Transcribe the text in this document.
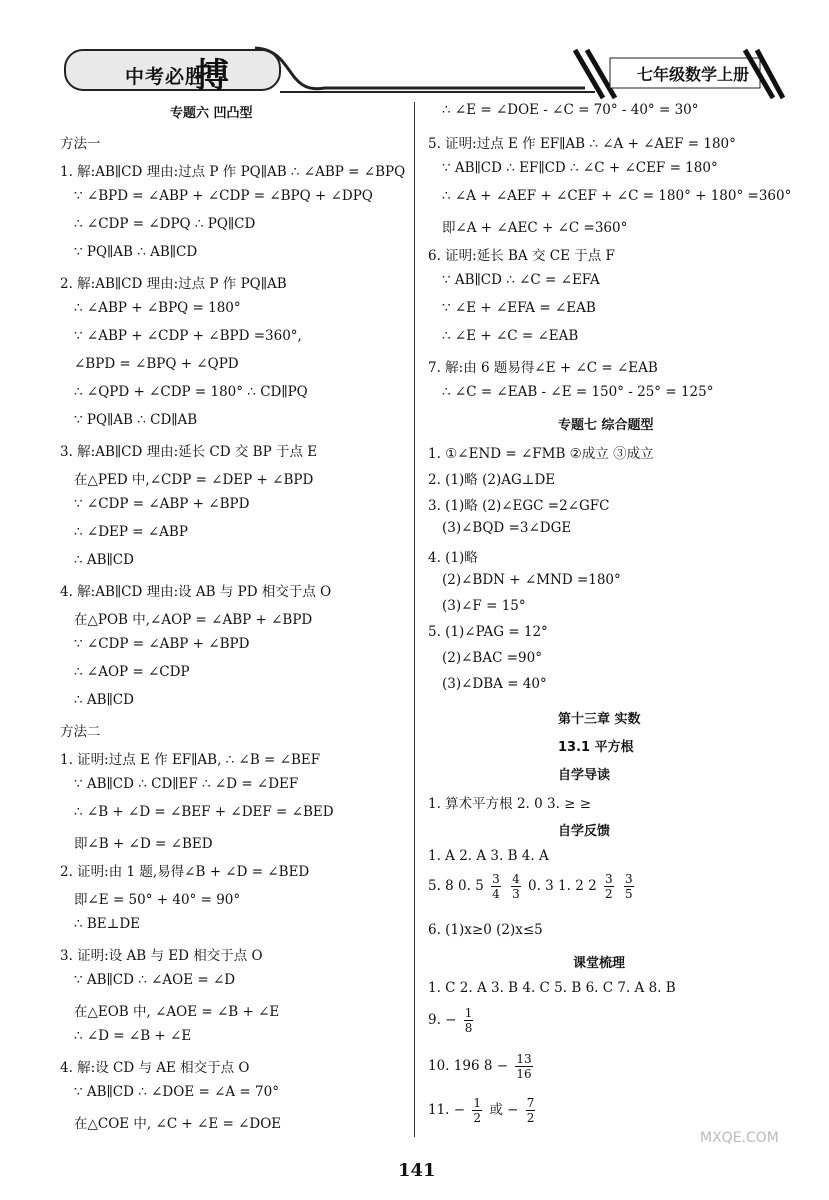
中考必胜·
搏	七年级数学上册
专题六 凹凸型
方法一
1. 解:AB∥CD 理由:过点 P 作 PQ∥AB ∴ ∠ABP = ∠BPQ
∵ ∠BPD = ∠ABP + ∠CDP = ∠BPQ + ∠DPQ
∴ ∠CDP = ∠DPQ ∴ PQ∥CD
∵ PQ∥AB ∴ AB∥CD
2. 解:AB∥CD 理由:过点 P 作 PQ∥AB
∴ ∠ABP + ∠BPQ = 180°
∵ ∠ABP + ∠CDP + ∠BPD =360°,
∠BPD = ∠BPQ + ∠QPD
∴ ∠QPD + ∠CDP = 180° ∴ CD∥PQ
∵ PQ∥AB ∴ CD∥AB
3. 解:AB∥CD 理由:延长 CD 交 BP 于点 E
在△PED 中,∠CDP = ∠DEP + ∠BPD
∵ ∠CDP = ∠ABP + ∠BPD
∴ ∠DEP = ∠ABP
∴ AB∥CD
4. 解:AB∥CD 理由:设 AB 与 PD 相交于点 O
在△POB 中,∠AOP = ∠ABP + ∠BPD
∵ ∠CDP = ∠ABP + ∠BPD
∴ ∠AOP = ∠CDP
∴ AB∥CD
方法二
1. 证明:过点 E 作 EF∥AB, ∴ ∠B = ∠BEF
∵ AB∥CD ∴ CD∥EF ∴ ∠D = ∠DEF
∴ ∠B + ∠D = ∠BEF + ∠DEF = ∠BED
即∠B + ∠D = ∠BED
2. 证明:由 1 题,易得∠B + ∠D = ∠BED
即∠E = 50° + 40° = 90°
∴ BE⊥DE
3. 证明:设 AB 与 ED 相交于点 O
∵ AB∥CD ∴ ∠AOE = ∠D
在△EOB 中, ∠AOE = ∠B + ∠E
∴ ∠D = ∠B + ∠E
4. 解:设 CD 与 AE 相交于点 O
∵ AB∥CD ∴ ∠DOE = ∠A = 70°
在△COE 中, ∠C + ∠E = ∠DOE
5. 8 0. $5 \frac{3}{4}$
$\frac{4}{3} 0$. 3 1. 2 $2 \frac{3}{2}$
$\frac{3}{5}$
6. (1)x≥0 (2)x≤5
课堂梳理
1. C 2. A 3. B 4. C 5. B 6. C 7. A 8. B
9. − $\frac{1}{8}$
10. 196 $8 - \frac{13}{16}$
11. − $\frac{1}{2}$ 或 − $\frac{7}{2}$
∴ ∠E = ∠DOE - ∠C = 70° - 40° = 30°
5. 证明:过点 E 作 EF∥AB ∴ ∠A + ∠AEF = 180°
∵ AB∥CD ∴ EF∥CD ∴ ∠C + ∠CEF = 180°
∴ ∠A + ∠AEF + ∠CEF + ∠C = 180° + 180° =360°
即∠A + ∠AEC + ∠C =360°
6. 证明:延长 BA 交 CE 于点 F
∵ AB∥CD ∴ ∠C = ∠EFA
∵ ∠E + ∠EFA = ∠EAB
∴ ∠E + ∠C = ∠EAB
7. 解:由 6 题易得∠E + ∠C = ∠EAB
∴ ∠C = ∠EAB - ∠E = 150° - 25° = 125°
专题七 综合题型
1. ①∠END = ∠FMB ②成立 ③成立
2. (1)略 (2)AG⊥DE
3. (1)略 (2)∠EGC =2∠GFC
(3)∠BQD =3∠DGE
4. (1)略
(2)∠BDN + ∠MND =180°
(3)∠F = 15°
5. (1)∠PAG = 12°
(2)∠BAC =90°
(3)∠DBA = 40°
第十三章 实数
13.1 平方根
自学导读
1. 算术平方根 2. 0 3. ≥ ≥
自学反馈
1. A 2. A 3. B 4. A
141
MXQE.COM
